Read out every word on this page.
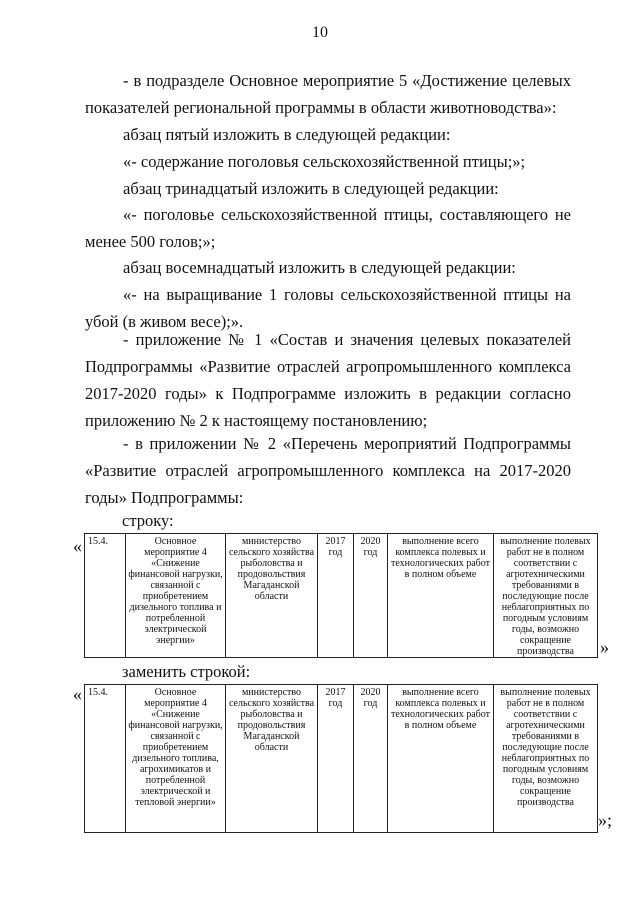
10

- в подразделе Основное мероприятие 5 «Достижение целевых показателей региональной программы в области животноводства»:

абзац пятый изложить в следующей редакции:

«- содержание поголовья сельскохозяйственной птицы;»;

абзац тринадцатый изложить в следующей редакции:

«- поголовье сельскохозяйственной птицы, составляющего не менее 500 голов;»;

абзац восемнадцатый изложить в следующей редакции:

«- на выращивание 1 головы сельскохозяйственной птицы на убой (в живом весе);».

- приложение № 1 «Состав и значения целевых показателей Подпрограммы «Развитие отраслей агропромышленного комплекса 2017-2020 годы» к Подпрограмме изложить в редакции согласно приложению № 2 к настоящему постановлению;

- в приложении № 2 «Перечень мероприятий Подпрограммы «Развитие отраслей агропромышленного комплекса на 2017-2020 годы» Подпрограммы:

строку:
« 15.4.	Основное мероприятие 4 «Снижение финансовой нагрузки, связанной с приобретением дизельного топлива и потребленной электрической энергии»	министерство сельского хозяйства рыболовства и продовольствия Магаданской области	2017 год	2020 год	выполнение всего комплекса полевых и технологических работ в полном объеме	выполнение полевых работ не в полном соответствии с агротехническими требованиями в последующие после неблагоприятных по погодным условиям годы, возможно сокращение производства »
заменить строкой:
« 15.4.	Основное мероприятие 4 «Снижение финансовой нагрузки, связанной с приобретением дизельного топлива, агрохимикатов и потребленной электрической и тепловой энергии»	министерство сельского хозяйства рыболовства и продовольствия Магаданской области	2017 год	2020 год	выполнение всего комплекса полевых и технологических работ в полном объеме	выполнение полевых работ не в полном соответствии с агротехническими требованиями в последующие после неблагоприятных по погодным условиям годы, возможно сокращение производства
»;
